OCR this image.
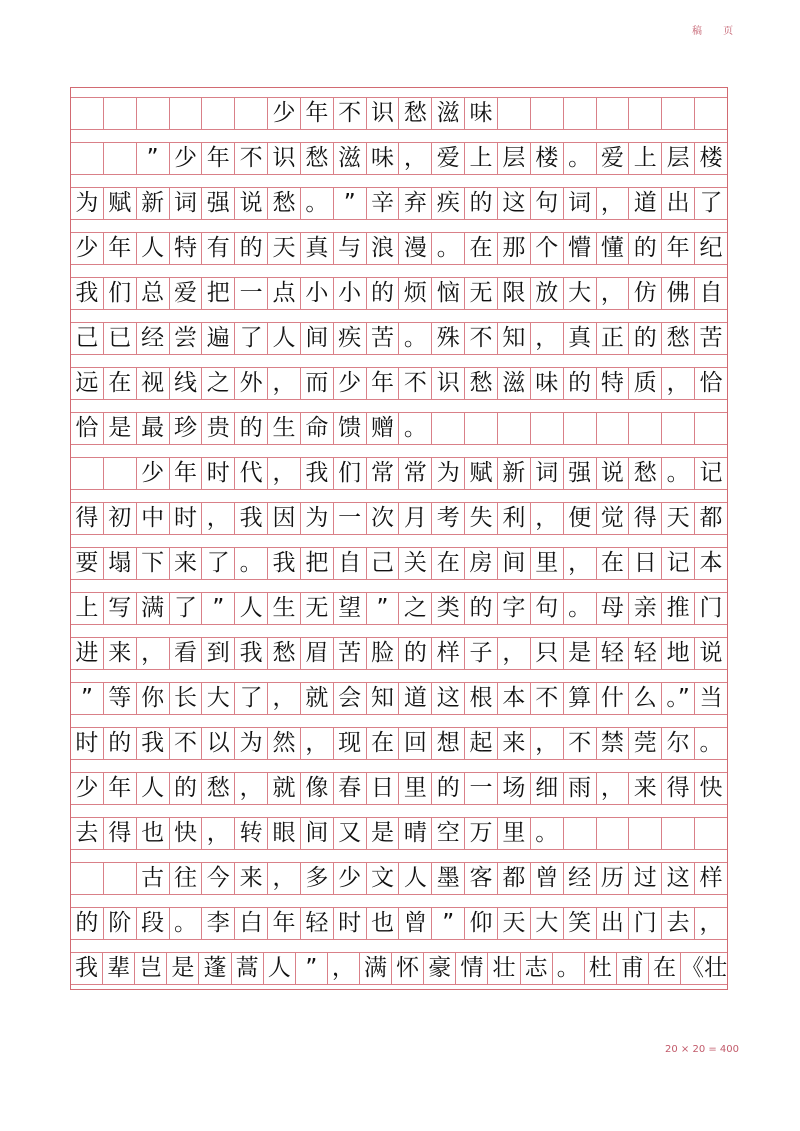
稿 页
少 年 不 识 愁 滋 味
” 少 年 不 识 愁 滋 味 ， 爱 上 层 楼 。 爱 上 层 楼
为 赋 新 词 强 说 愁 。 ” 辛 弃 疾 的 这 句 词 ， 道 出 了
少 年 人 特 有 的 天 真 与 浪 漫 。 在 那 个 懵 懂 的 年 纪
我 们 总 爱 把 一 点 小 小 的 烦 恼 无 限 放 大 ， 仿 佛 自
己 已 经 尝 遍 了 人 间 疾 苦 。 殊 不 知 ， 真 正 的 愁 苦
远 在 视 线 之 外 ， 而 少 年 不 识 愁 滋 味 的 特 质 ， 恰
恰 是 最 珍 贵 的 生 命 馈 赠 。
少 年 时 代 ， 我 们 常 常 为 赋 新 词 强 说 愁 。 记
得 初 中 时 ， 我 因 为 一 次 月 考 失 利 ， 便 觉 得 天 都
要 塌 下 来 了 。 我 把 自 己 关 在 房 间 里 ， 在 日 记 本
上 写 满 了 ” 人 生 无 望 ” 之 类 的 字 句 。 母 亲 推 门
进 来 ， 看 到 我 愁 眉 苦 脸 的 样 子 ， 只 是 轻 轻 地 说
” 等 你 长 大 了 ， 就 会 知 道 这 根 本 不 算 什 么 。” 当
时 的 我 不 以 为 然 ， 现 在 回 想 起 来 ， 不 禁 莞 尔 。
少 年 人 的 愁 ， 就 像 春 日 里 的 一 场 细 雨 ， 来 得 快
去 得 也 快 ， 转 眼 间 又 是 晴 空 万 里 。
古 往 今 来 ， 多 少 文 人 墨 客 都 曾 经 历 过 这 样
的 阶 段 。 李 白 年 轻 时 也 曾 ” 仰 天 大 笑 出 门 去 ，
我 辈 岂 是 蓬 蒿 人 ” ， 满 怀 豪 情 壮 志 。 杜 甫 在 《壮
20 × 20 = 400
